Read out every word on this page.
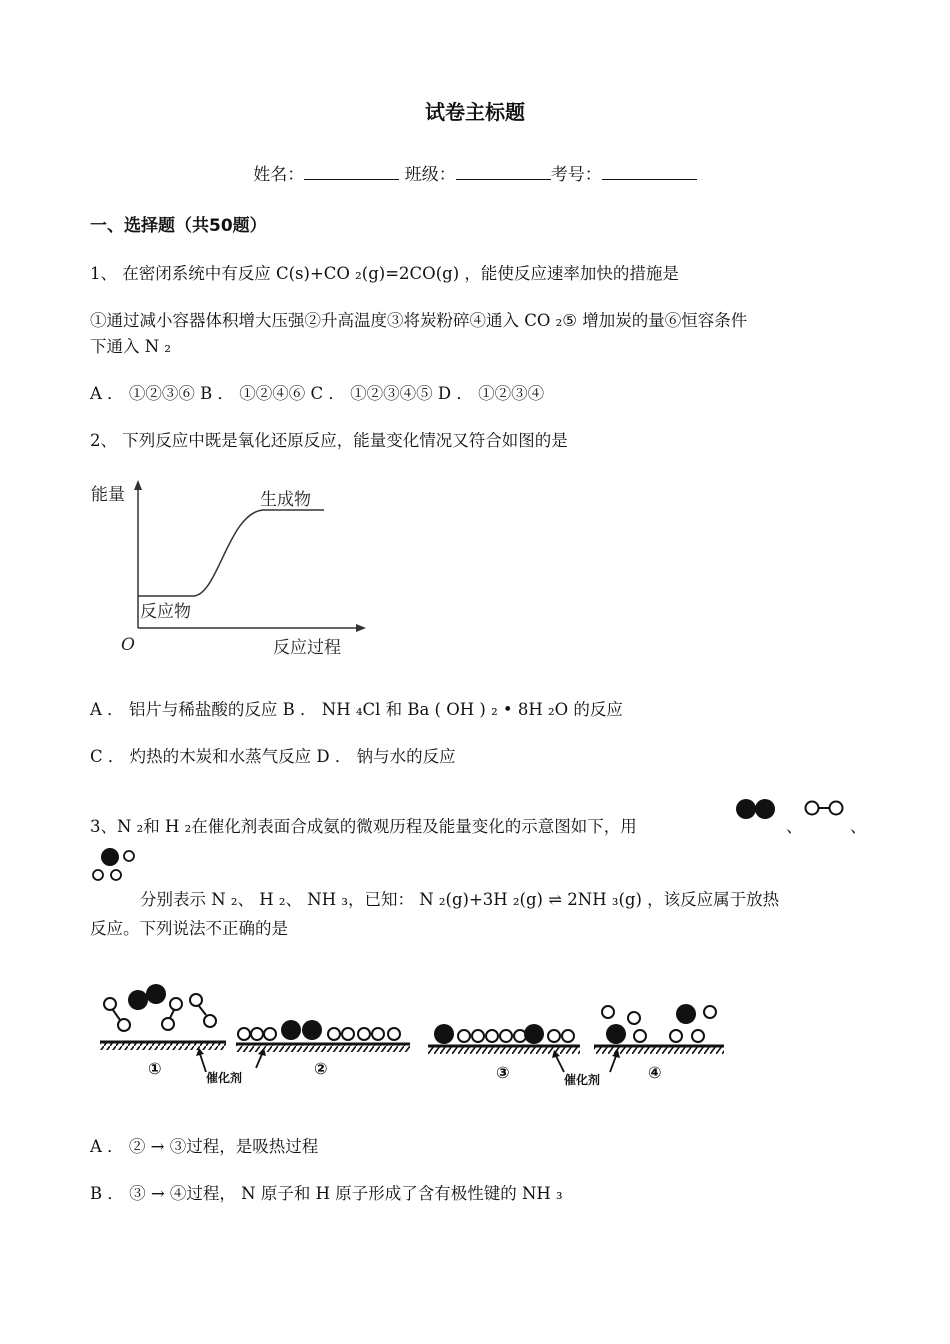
试卷主标题
姓名：	班级：	考号：
一、选择题（共50题）
1、 在密闭系统中有反应 C(s)+CO ₂(g)=2CO(g) ，能使反应速率加快的措施是
①通过减小容器体积增大压强②升高温度③将炭粉碎④通入 CO ₂⑤ 增加炭的量⑥恒容条件
下通入 N ₂
A ． ①②③⑥ B ． ①②④⑥ C ． ①②③④⑤ D ． ①②③④
2、 下列反应中既是氧化还原反应，能量变化情况又符合如图的是
能量	生成物
反应物
O	反应过程
A ． 铝片与稀盐酸的反应 B ． NH ₄Cl 和 Ba ( OH ) ₂ • 8H ₂O 的反应
C ． 灼热的木炭和水蒸气反应 D ． 钠与水的反应
3、N ₂和 H ₂在催化剂表面合成氨的微观历程及能量变化的示意图如下，用	、	、
分别表示 N ₂、 H ₂、 NH ₃，已知： N ₂(g)+3H ₂(g) ⇌ 2NH ₃(g) ，该反应属于放热
反应。下列说法不正确的是
①	催化剂	②	③	催化剂	④
A ． ② → ③过程，是吸热过程
B ． ③ → ④过程， N 原子和 H 原子形成了含有极性键的 NH ₃
